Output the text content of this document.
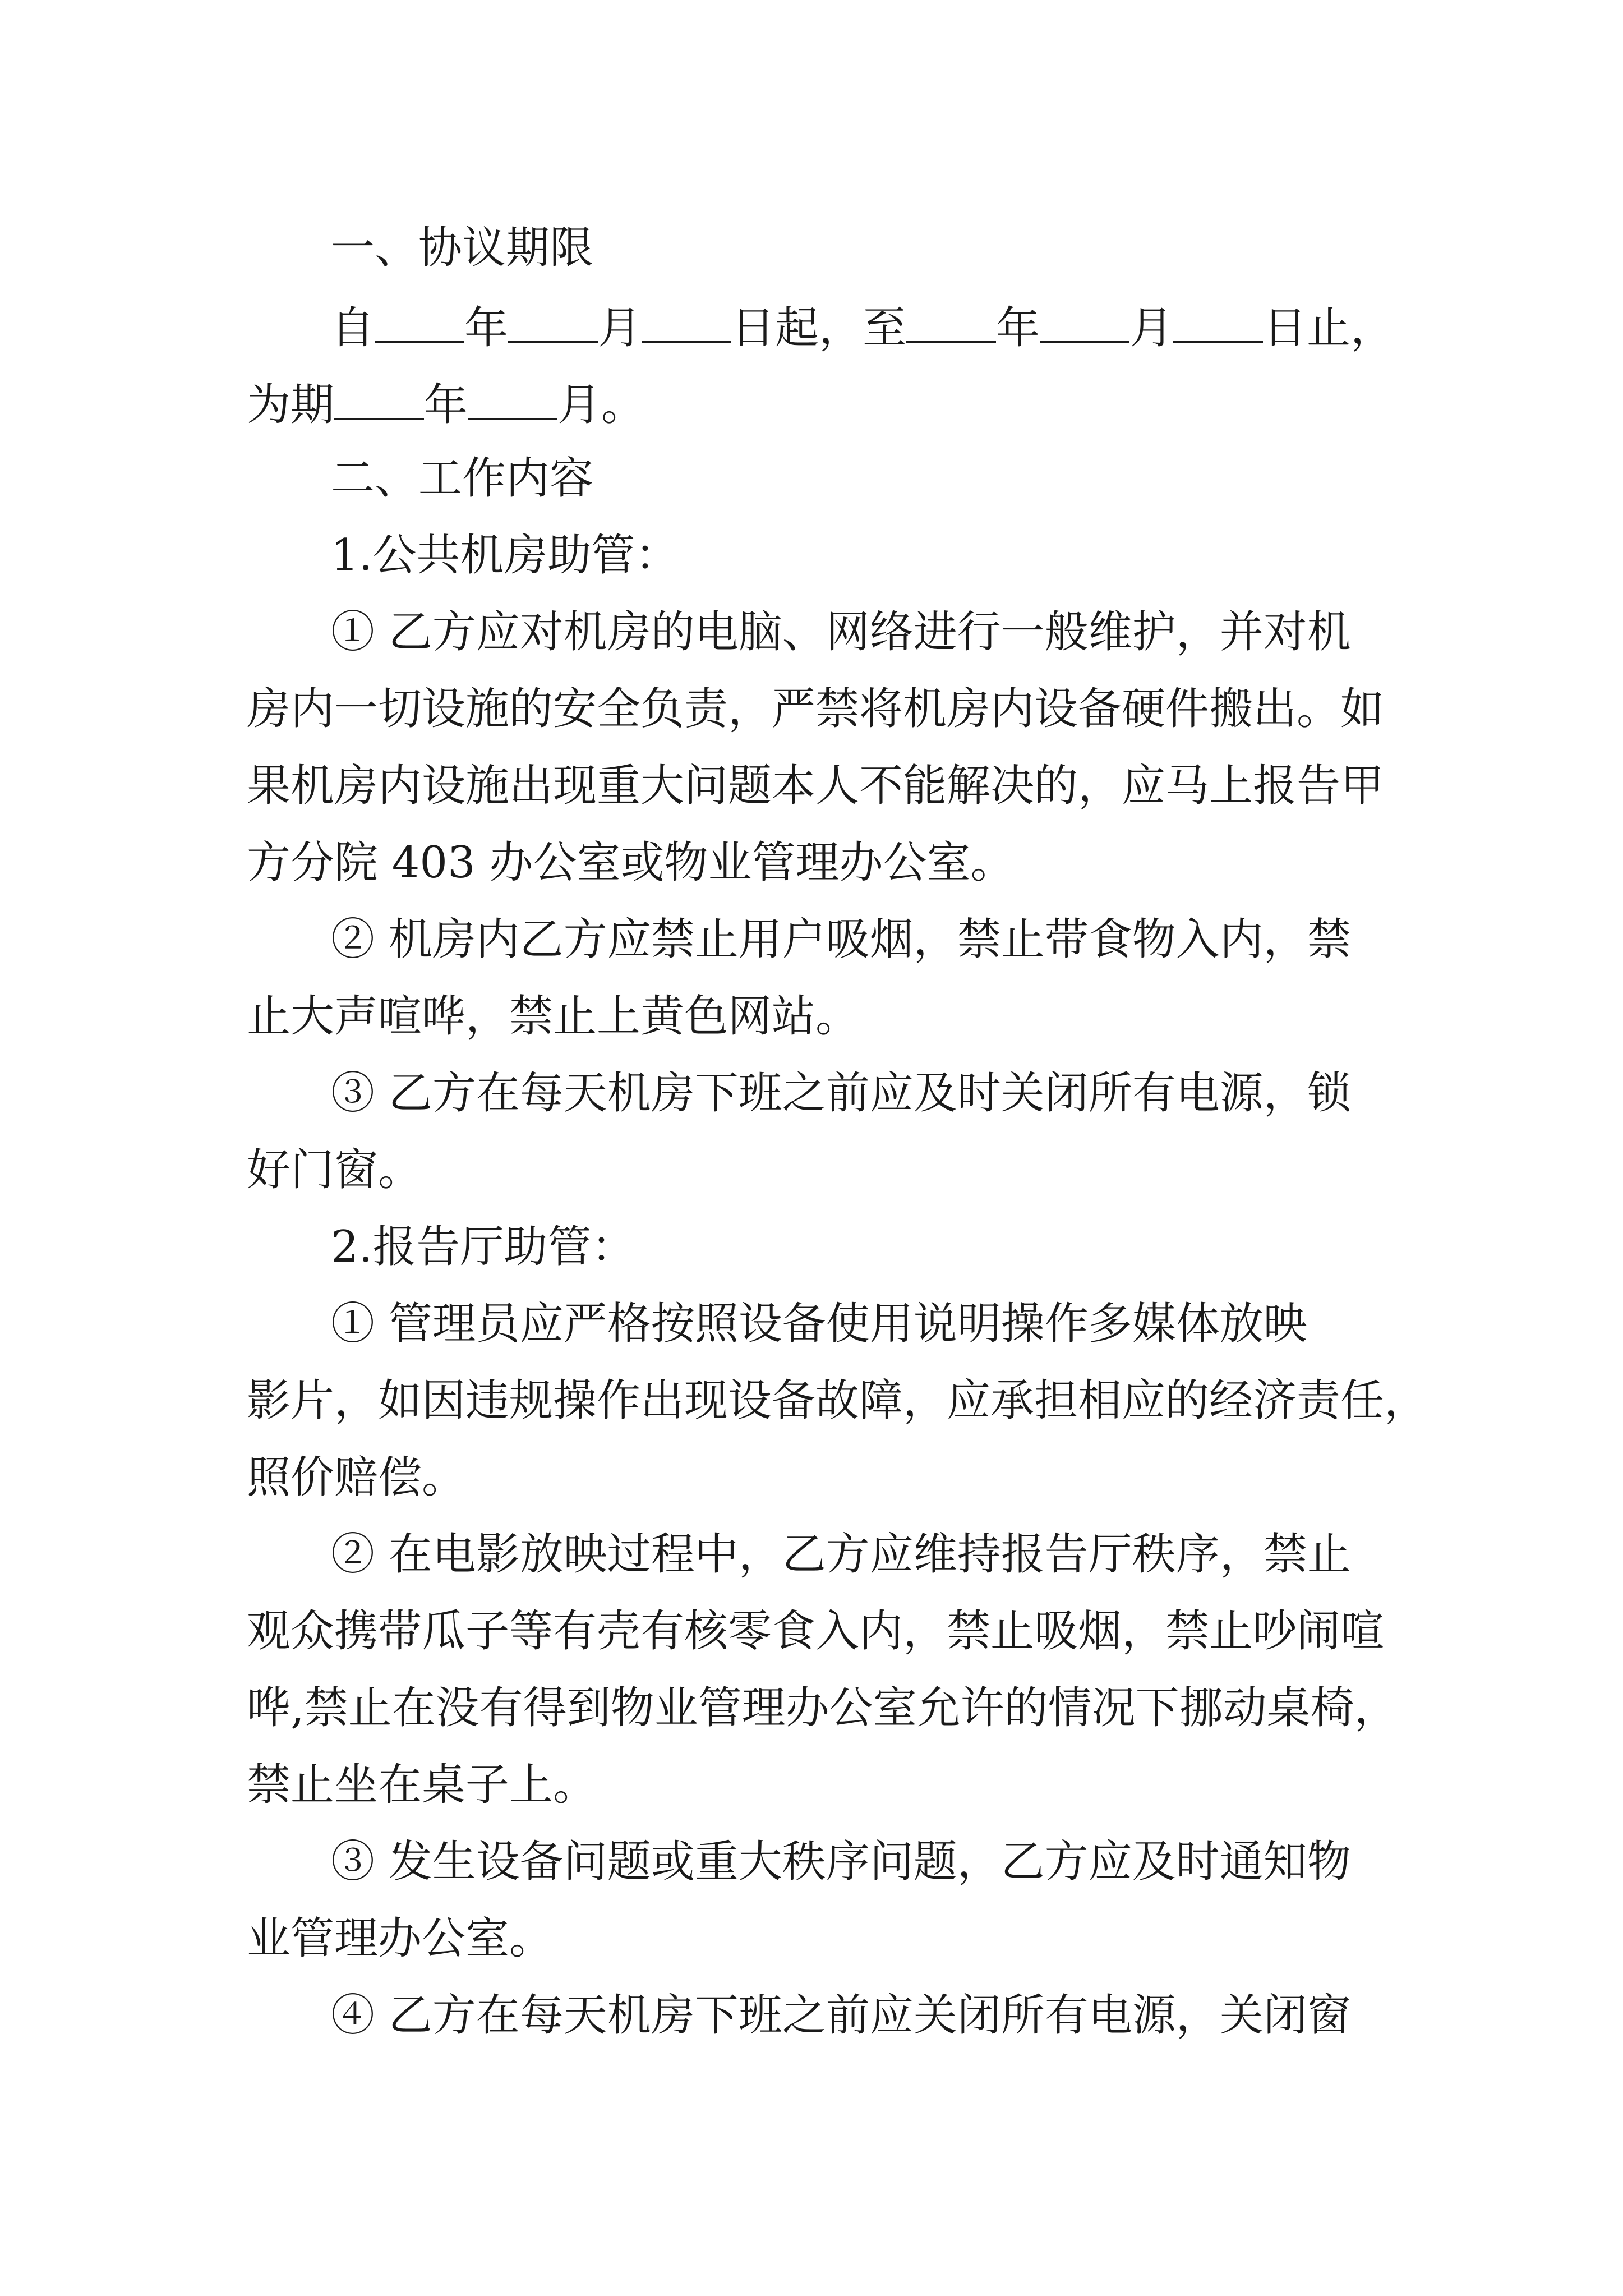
一、协议期限
自 年 月 日起，至 年 月 日止，
为期 年 月。
二、工作内容
1.公共机房助管：
① 乙方应对机房的电脑、网络进行一般维护，并对机
房内一切设施的安全负责，严禁将机房内设备硬件搬出。如
果机房内设施出现重大问题本人不能解决的，应马上报告甲
方分院 403 办公室或物业管理办公室。
② 机房内乙方应禁止用户吸烟，禁止带食物入内，禁
止大声喧哗，禁止上黄色网站。
③ 乙方在每天机房下班之前应及时关闭所有电源，锁
好门窗。
2.报告厅助管：
① 管理员应严格按照设备使用说明操作多媒体放映
影片，如因违规操作出现设备故障，应承担相应的经济责任，
照价赔偿。
② 在电影放映过程中，乙方应维持报告厅秩序，禁止
观众携带瓜子等有壳有核零食入内，禁止吸烟，禁止吵闹喧
哗,禁止在没有得到物业管理办公室允许的情况下挪动桌椅，
禁止坐在桌子上。
③ 发生设备问题或重大秩序问题，乙方应及时通知物
业管理办公室。
④ 乙方在每天机房下班之前应关闭所有电源，关闭窗
